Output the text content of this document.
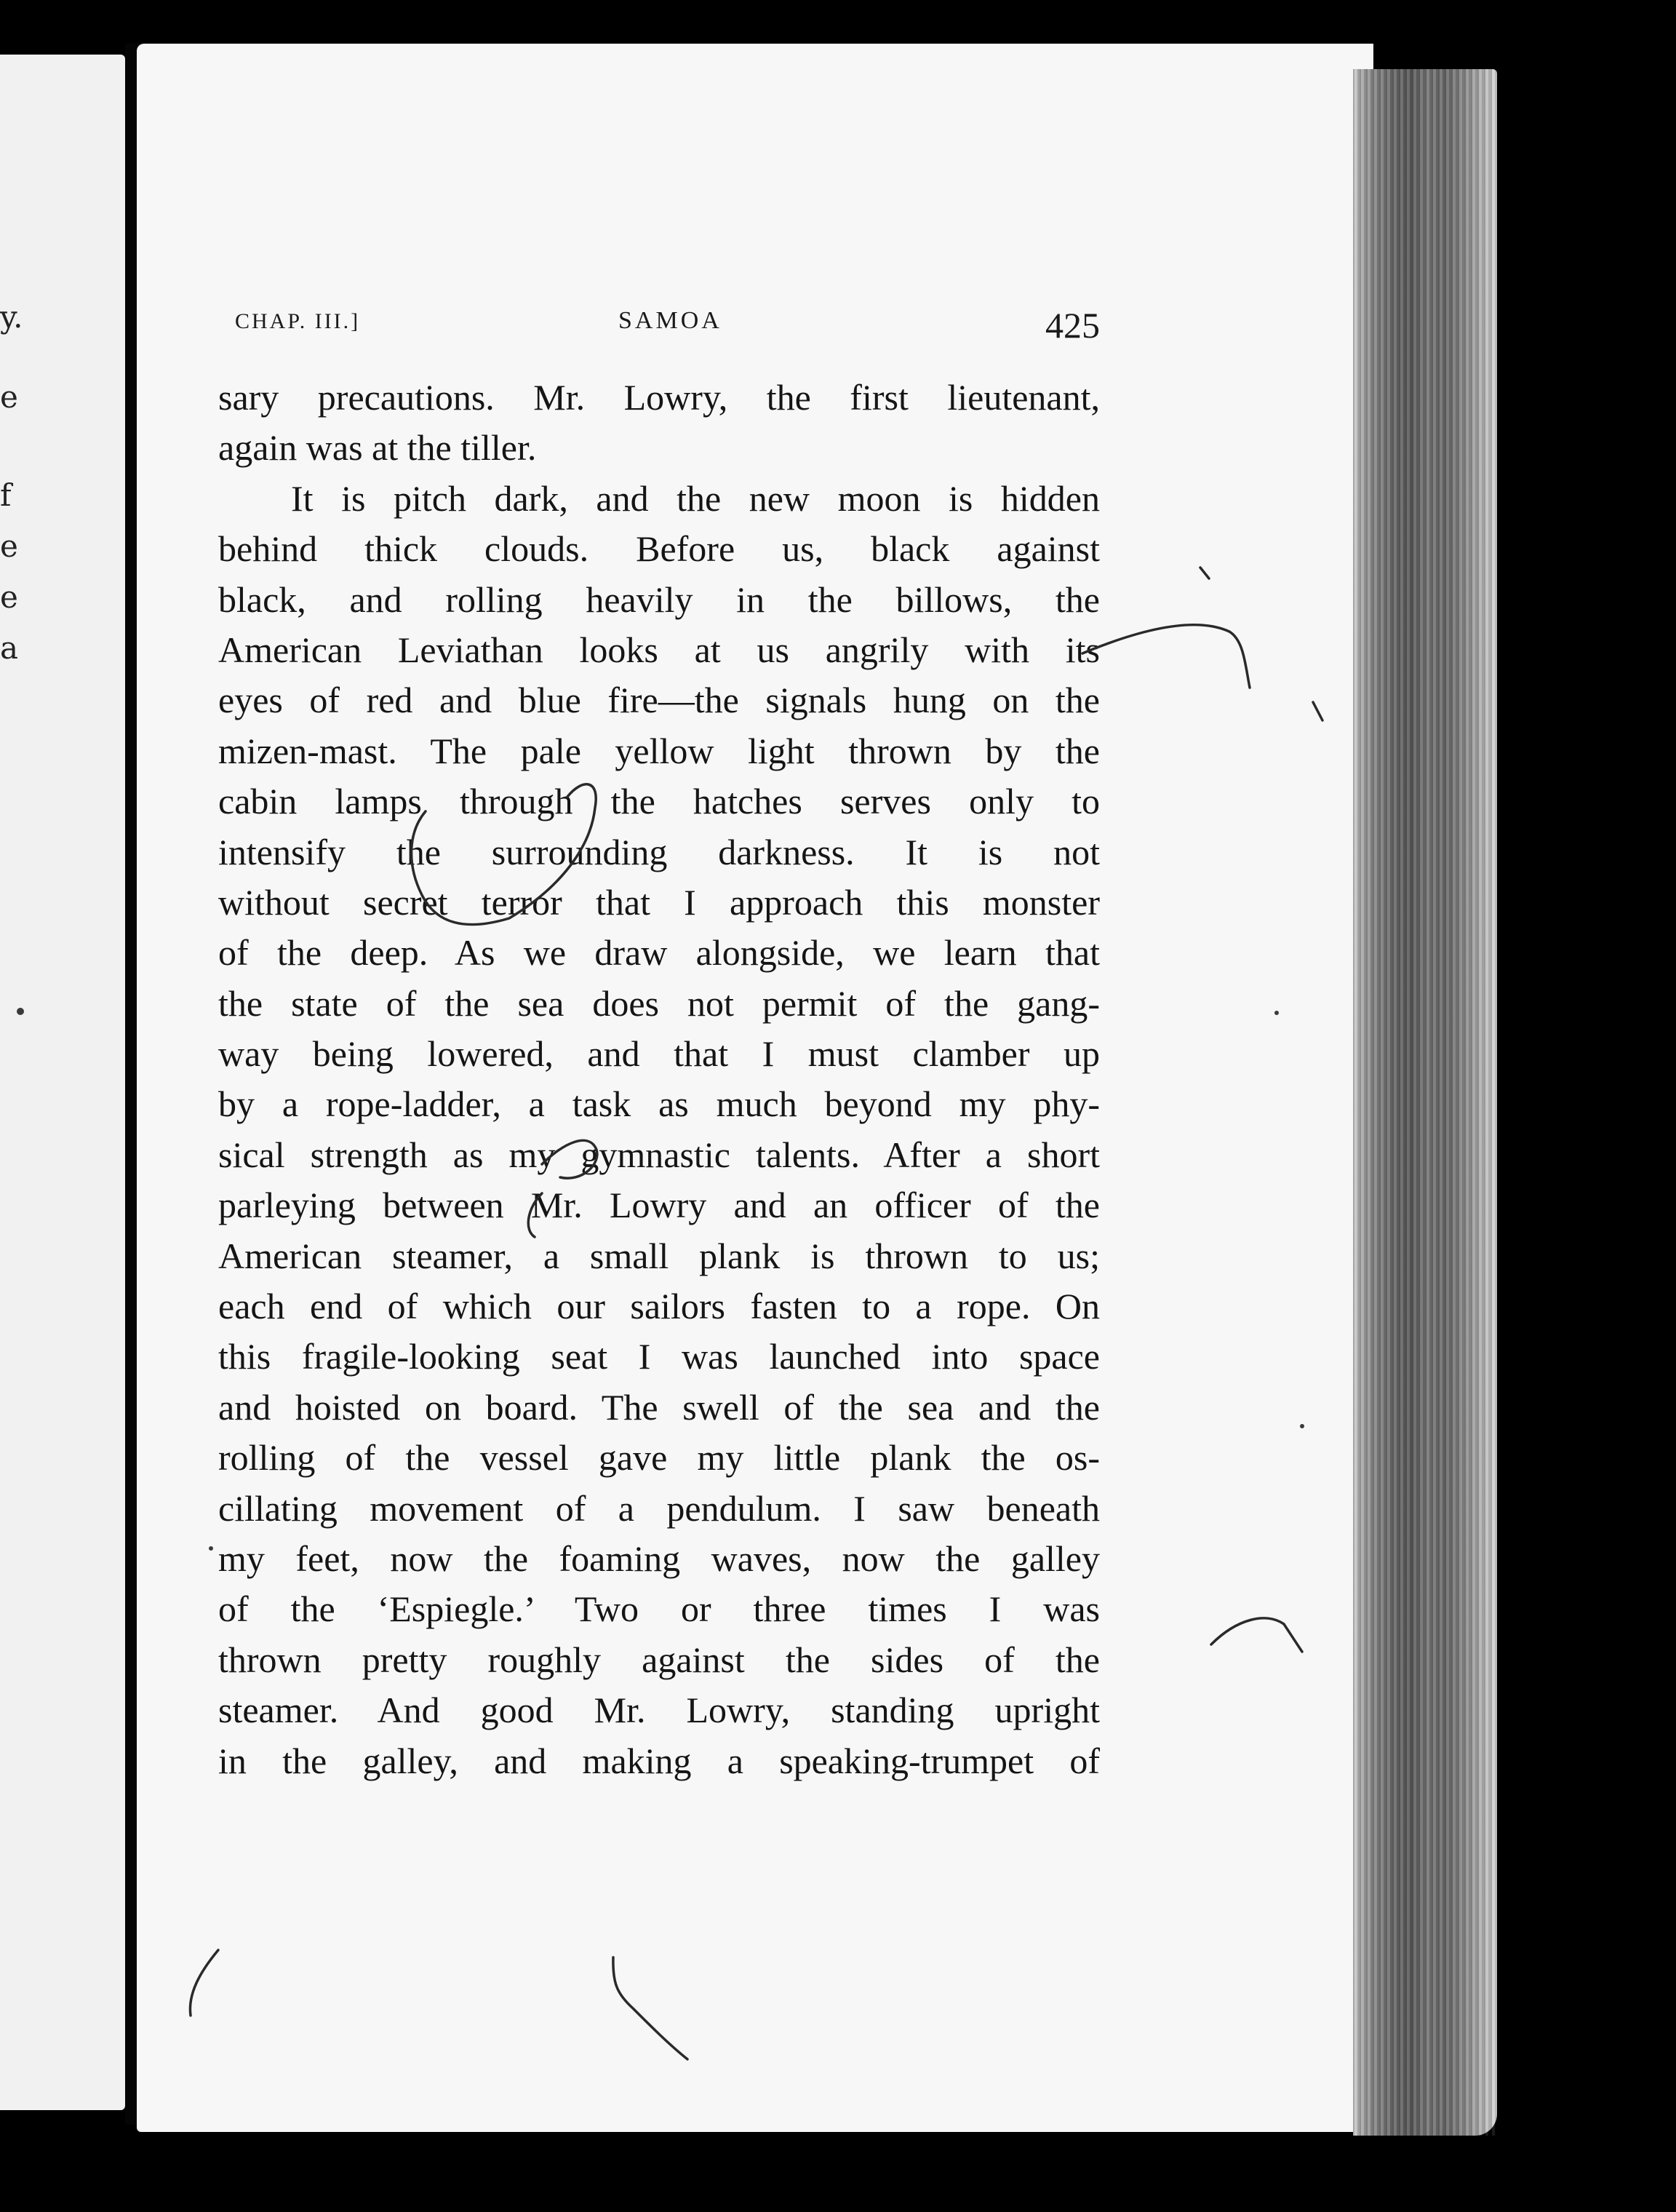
y.
e
f
e
e
a
CHAP. III.]	SAMOA	425
sary precautions. Mr. Lowry, the first lieutenant,
again was at the tiller.
It is pitch dark, and the new moon is hidden
behind thick clouds. Before us, black against
black, and rolling heavily in the billows, the
American Leviathan looks at us angrily with its
eyes of red and blue fire—the signals hung on the
mizen-mast. The pale yellow light thrown by the
cabin lamps through the hatches serves only to
intensify the surrounding darkness. It is not
without secret terror that I approach this monster
of the deep. As we draw alongside, we learn that
the state of the sea does not permit of the gang-
way being lowered, and that I must clamber up
by a rope-ladder, a task as much beyond my phy-
sical strength as my gymnastic talents. After a short
parleying between Mr. Lowry and an officer of the
American steamer, a small plank is thrown to us;
each end of which our sailors fasten to a rope. On
this fragile-looking seat I was launched into space
and hoisted on board. The swell of the sea and the
rolling of the vessel gave my little plank the os-
cillating movement of a pendulum. I saw beneath
my feet, now the foaming waves, now the galley
of the ‘Espiegle.’ Two or three times I was
thrown pretty roughly against the sides of the
steamer. And good Mr. Lowry, standing upright
in the galley, and making a speaking-trumpet of
